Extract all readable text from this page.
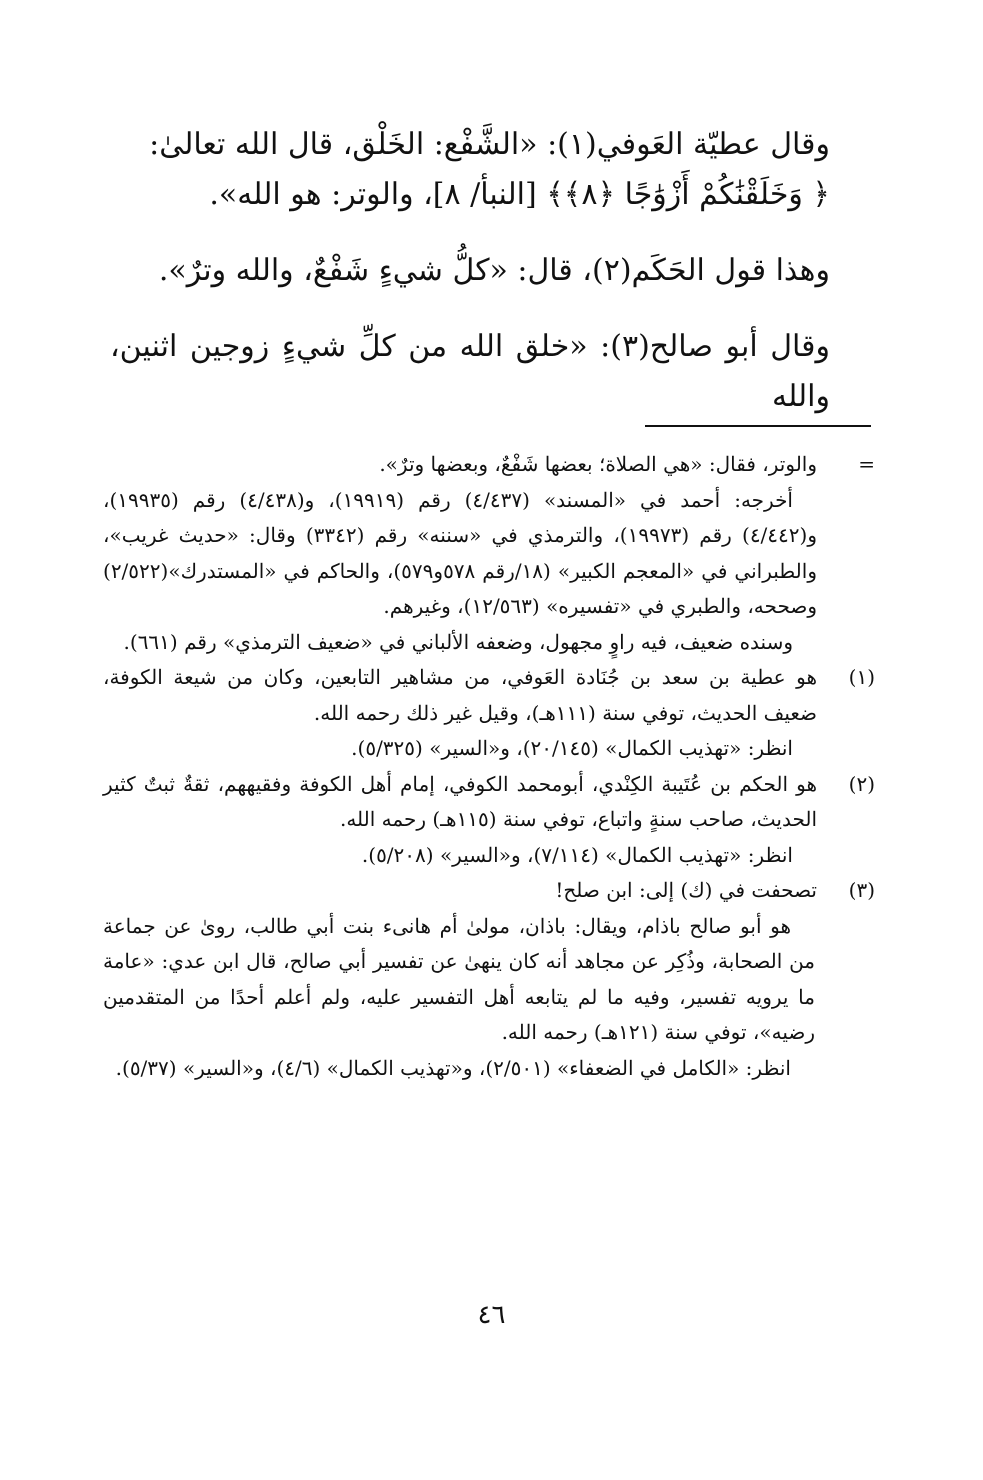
وقال عطيّة العَوفي(١): «الشَّفْع: الخَلْق، قال الله تعالىٰ:

﴿ وَخَلَقْنَٰكُمْ أَزْوَٰجًا ﴿٨﴾﴾ [النبأ/ ٨]، والوتر: هو الله».

وهذا قول الحَكَم(٢)، قال: «كلُّ شيءٍ شَفْعٌ، والله وترٌ».

وقال أبو صالح(٣): «خلق الله من كلِّ شيءٍ زوجين اثنين، والله

=

والوتر، فقال: «هي الصلاة؛ بعضها شَفْعٌ، وبعضها وترٌ».

أخرجه: أحمد في «المسند» (٤/٤٣٧) رقم (١٩٩١٩)، و(٤/٤٣٨) رقم (١٩٩٣٥)، و(٤/٤٤٢) رقم (١٩٩٧٣)، والترمذي في «سننه» رقم (٣٣٤٢) وقال: «حديث غريب»، والطبراني في «المعجم الكبير» (١٨/رقم ٥٧٨و٥٧٩)، والحاكم في «المستدرك»(٢/٥٢٢) وصححه، والطبري في «تفسيره» (١٢/٥٦٣)، وغيرهم.

وسنده ضعيف، فيه راوٍ مجهول، وضعفه الألباني في «ضعيف الترمذي» رقم (٦٦١).

(١)

هو عطية بن سعد بن جُنَادة العَوفي، من مشاهير التابعين، وكان من شيعة الكوفة، ضعيف الحديث، توفي سنة (١١١هـ)، وقيل غير ذلك رحمه الله.

انظر: «تهذيب الكمال» (٢٠/١٤٥)، و«السير» (٥/٣٢٥).

(٢)

هو الحكم بن عُتَيبة الكِنْدي، أبومحمد الكوفي، إمام أهل الكوفة وفقيههم، ثقةٌ ثبتٌ كثير الحديث، صاحب سنةٍ واتباع، توفي سنة (١١٥هـ) رحمه الله.

انظر: «تهذيب الكمال» (٧/١١٤)، و«السير» (٥/٢٠٨).

(٣)

تصحفت في (ك) إلى: ابن صلح!

هو أبو صالح باذام، ويقال: باذان، مولىٰ أم هانىء بنت أبي طالب، روىٰ عن جماعة من الصحابة، وذُكِر عن مجاهد أنه كان ينهىٰ عن تفسير أبي صالح، قال ابن عدي: «عامة ما يرويه تفسير، وفيه ما لم يتابعه أهل التفسير عليه، ولم أعلم أحدًا من المتقدمين رضيه»، توفي سنة (١٢١هـ) رحمه الله.

انظر: «الكامل في الضعفاء» (٢/٥٠١)، و«تهذيب الكمال» (٤/٦)، و«السير» (٥/٣٧).

٤٦
